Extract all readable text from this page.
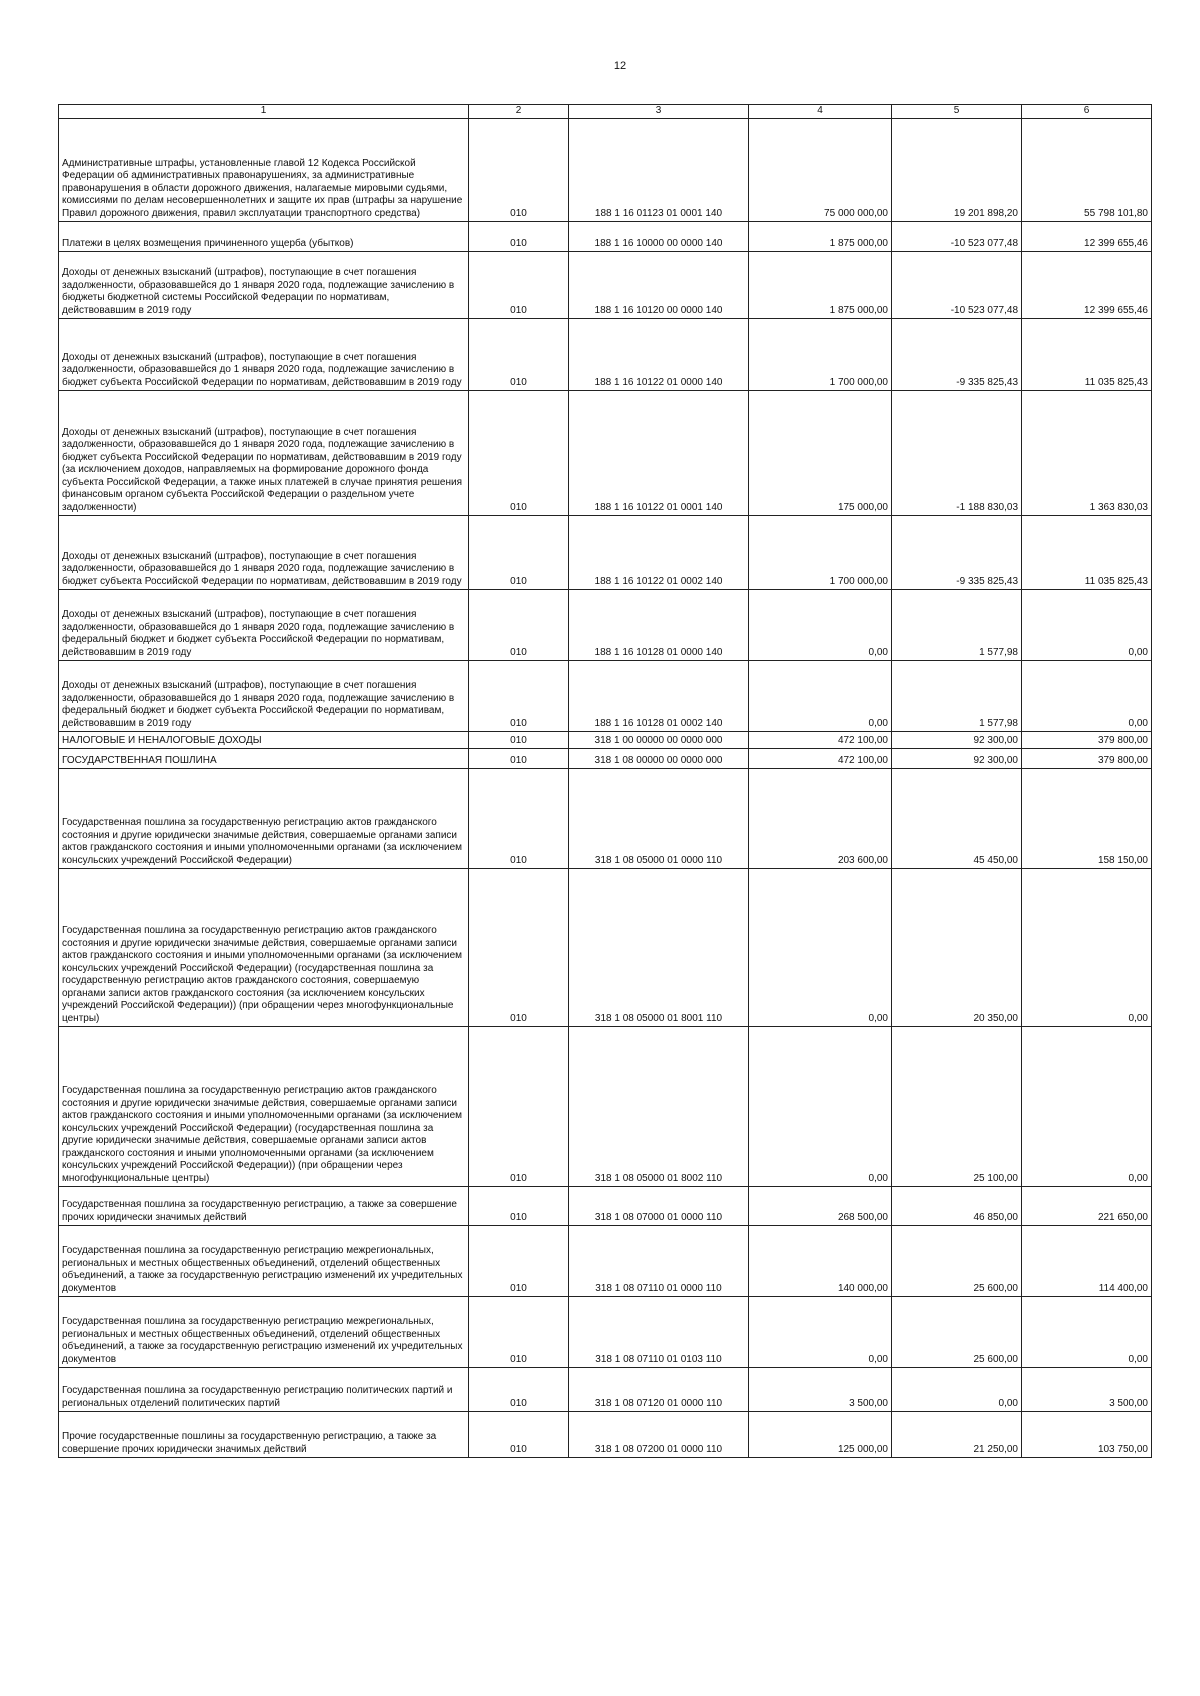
12
1	2	3	4	5	6
Административные штрафы, установленные главой 12 Кодекса Российской Федерации об административных правонарушениях, за административные правонарушения в области дорожного движения, налагаемые мировыми судьями, комиссиями по делам несовершеннолетних и защите их прав (штрафы за нарушение Правил дорожного движения, правил эксплуатации транспортного средства)	010	188 1 16 01123 01 0001 140	75 000 000,00	19 201 898,20	55 798 101,80
Платежи в целях возмещения причиненного ущерба (убытков)	010	188 1 16 10000 00 0000 140	1 875 000,00	-10 523 077,48	12 399 655,46
Доходы от денежных взысканий (штрафов), поступающие в счет погашения задолженности, образовавшейся до 1 января 2020 года, подлежащие зачислению в бюджеты бюджетной системы Российской Федерации по нормативам, действовавшим в 2019 году	010	188 1 16 10120 00 0000 140	1 875 000,00	-10 523 077,48	12 399 655,46
Доходы от денежных взысканий (штрафов), поступающие в счет погашения задолженности, образовавшейся до 1 января 2020 года, подлежащие зачислению в бюджет субъекта Российской Федерации по нормативам, действовавшим в 2019 году	010	188 1 16 10122 01 0000 140	1 700 000,00	-9 335 825,43	11 035 825,43
Доходы от денежных взысканий (штрафов), поступающие в счет погашения задолженности, образовавшейся до 1 января 2020 года, подлежащие зачислению в бюджет субъекта Российской Федерации по нормативам, действовавшим в 2019 году (за исключением доходов, направляемых на формирование дорожного фонда субъекта Российской Федерации, а также иных платежей в случае принятия решения финансовым органом субъекта Российской Федерации о раздельном учете задолженности)	010	188 1 16 10122 01 0001 140	175 000,00	-1 188 830,03	1 363 830,03
Доходы от денежных взысканий (штрафов), поступающие в счет погашения задолженности, образовавшейся до 1 января 2020 года, подлежащие зачислению в бюджет субъекта Российской Федерации по нормативам, действовавшим в 2019 году	010	188 1 16 10122 01 0002 140	1 700 000,00	-9 335 825,43	11 035 825,43
Доходы от денежных взысканий (штрафов), поступающие в счет погашения задолженности, образовавшейся до 1 января 2020 года, подлежащие зачислению в федеральный бюджет и бюджет субъекта Российской Федерации по нормативам, действовавшим в 2019 году	010	188 1 16 10128 01 0000 140	0,00	1 577,98	0,00
Доходы от денежных взысканий (штрафов), поступающие в счет погашения задолженности, образовавшейся до 1 января 2020 года, подлежащие зачислению в федеральный бюджет и бюджет субъекта Российской Федерации по нормативам, действовавшим в 2019 году	010	188 1 16 10128 01 0002 140	0,00	1 577,98	0,00
НАЛОГОВЫЕ И НЕНАЛОГОВЫЕ ДОХОДЫ	010	318 1 00 00000 00 0000 000	472 100,00	92 300,00	379 800,00
ГОСУДАРСТВЕННАЯ ПОШЛИНА	010	318 1 08 00000 00 0000 000	472 100,00	92 300,00	379 800,00
Государственная пошлина за государственную регистрацию актов гражданского состояния и другие юридически значимые действия, совершаемые органами записи актов гражданского состояния и иными уполномоченными органами (за исключением консульских учреждений Российской Федерации)	010	318 1 08 05000 01 0000 110	203 600,00	45 450,00	158 150,00
Государственная пошлина за государственную регистрацию актов гражданского состояния и другие юридически значимые действия, совершаемые органами записи актов гражданского состояния и иными уполномоченными органами (за исключением консульских учреждений Российской Федерации) (государственная пошлина за государственную регистрацию актов гражданского состояния, совершаемую органами записи актов гражданского состояния (за исключением консульских учреждений Российской Федерации)) (при обращении через многофункциональные центры)	010	318 1 08 05000 01 8001 110	0,00	20 350,00	0,00
Государственная пошлина за государственную регистрацию актов гражданского состояния и другие юридически значимые действия, совершаемые органами записи актов гражданского состояния и иными уполномоченными органами (за исключением консульских учреждений Российской Федерации) (государственная пошлина за другие юридически значимые действия, совершаемые органами записи актов гражданского состояния и иными уполномоченными органами (за исключением консульских учреждений Российской Федерации)) (при обращении через многофункциональные центры)	010	318 1 08 05000 01 8002 110	0,00	25 100,00	0,00
Государственная пошлина за государственную регистрацию, а также за совершение прочих юридически значимых действий	010	318 1 08 07000 01 0000 110	268 500,00	46 850,00	221 650,00
Государственная пошлина за государственную регистрацию межрегиональных, региональных и местных общественных объединений, отделений общественных объединений, а также за государственную регистрацию изменений их учредительных документов	010	318 1 08 07110 01 0000 110	140 000,00	25 600,00	114 400,00
Государственная пошлина за государственную регистрацию межрегиональных, региональных и местных общественных объединений, отделений общественных объединений, а также за государственную регистрацию изменений их учредительных документов	010	318 1 08 07110 01 0103 110	0,00	25 600,00	0,00
Государственная пошлина за государственную регистрацию политических партий и региональных отделений политических партий	010	318 1 08 07120 01 0000 110	3 500,00	0,00	3 500,00
Прочие государственные пошлины за государственную регистрацию, а также за совершение прочих юридически значимых действий	010	318 1 08 07200 01 0000 110	125 000,00	21 250,00	103 750,00
